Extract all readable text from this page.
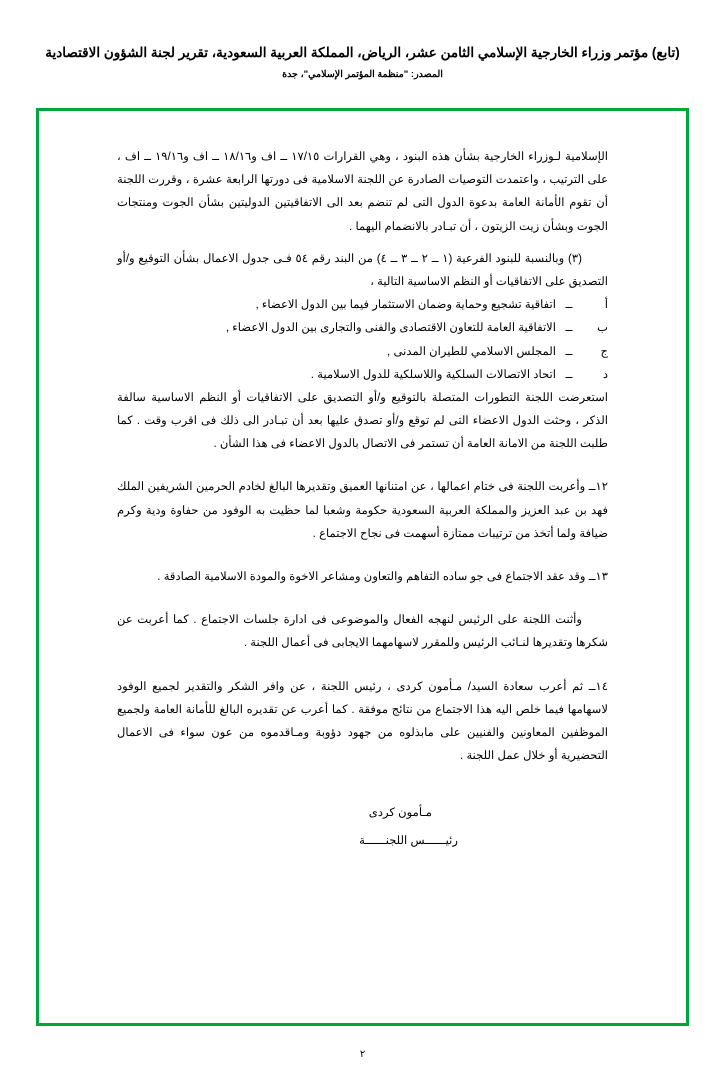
(تابع) مؤتمر وزراء الخارجية الإسلامي الثامن عشر، الرياض، المملكة العربية السعودية، تقرير لجنة الشؤون الاقتصادية
المصدر: "منظمة المؤتمر الإسلامي"، جدة

الإسلامية لـوزراء الخارجية بشأن هذه البنود ، وهي القرارات ١٧/١٥ ــ اف و١٨/١٦ ــ اف و١٩/١٦ ــ اف ، على الترتيب ، واعتمدت التوصيات الصادرة عن اللجنة الاسلامية فى دورتها الرابعة عشرة ، وقررت اللجنة أن تقوم الأمانة العامة بدعوة الدول التى لم تنضم بعد الى الاتفاقيتين الدوليتين بشأن الجوت ومنتجات الجوت وبشأن زيت الزيتون ، أن تبـادر بالانضمام اليهما .

(٣) وبالنسبة للبنود الفرعية (١ ــ ٢ ــ ٣ ــ ٤) من البند رقم ٥٤ فـى جدول الاعمال بشأن التوقيع و/أو التصديق على الاتفاقيات أو النظم الاساسية التالية ،

أ
ــ
اتفاقية تشجيع وحماية وضمان الاستثمار فيما بين الدول الاعضاء ,
ب
ــ
الاتفاقية العامة للتعاون الاقتصادى والفنى والتجارى بين الدول الاعضاء ,
ج
ــ
المجلس الاسلامي للطيران المدنى ,
د
ــ
اتحاد الاتصالات السلكية واللاسلكية للدول الاسلامية .

استعرضت اللجنة التطورات المتصلة بالتوقيع و/أو التصديق على الاتفاقيات أو النظم الاساسية سالفة الذكر ، وحثت الدول الاعضاء التى لم توقع و/أو تصدق عليها بعد أن تبـادر الى ذلك فى اقرب وقت . كما طلبت اللجنة من الامانة العامة أن تستمر فى الاتصال بالدول الاعضاء فى هذا الشأن .

١٢ــ وأعربت اللجنة فى ختام اعمالها ، عن امتنانها العميق وتقديرها البالغ لخادم الحرمين الشريفين الملك فهد بن عبد العزيز والمملكة العربية السعودية حكومة وشعبا لما حظيت به الوفود من حفاوة ودية وكرم ضيافة ولما أتخذ من ترتيبات ممتازة أسهمت فى نجاح الاجتماع .

١٣ــ وقد عقد الاجتماع فى جو ساده التفاهم والتعاون ومشاعر الاخوة والمودة الاسلامية الصادقة .

وأثنت اللجنة على الرئيس لنهجه الفعال والموضوعى فى ادارة جلسات الاجتماع . كما أعربت عن شكرها وتقديرها لنـائب الرئيس وللمقرر لاسهامهما الايجابى فى أعمال اللجنة .

١٤ــ ثم أعرب سعادة السيد/ مـأمون كردى ، رئيس اللجنة ، عن وافر الشكر والتقدير لجميع الوفود لاسهامها فيما خلص اليه هذا الاجتماع من نتائج موفقة . كما أعرب عن تقديره البالغ للأمانة العامة ولجميع الموظفين المعاونين والفنيين على مابذلوه من جهود دؤوبة ومـاقدموه من عون سواء فى الاعمال التحضيرية أو خلال عمل اللجنة .

مـأمون كردى
رئيــــــس اللجنــــــة
٢
